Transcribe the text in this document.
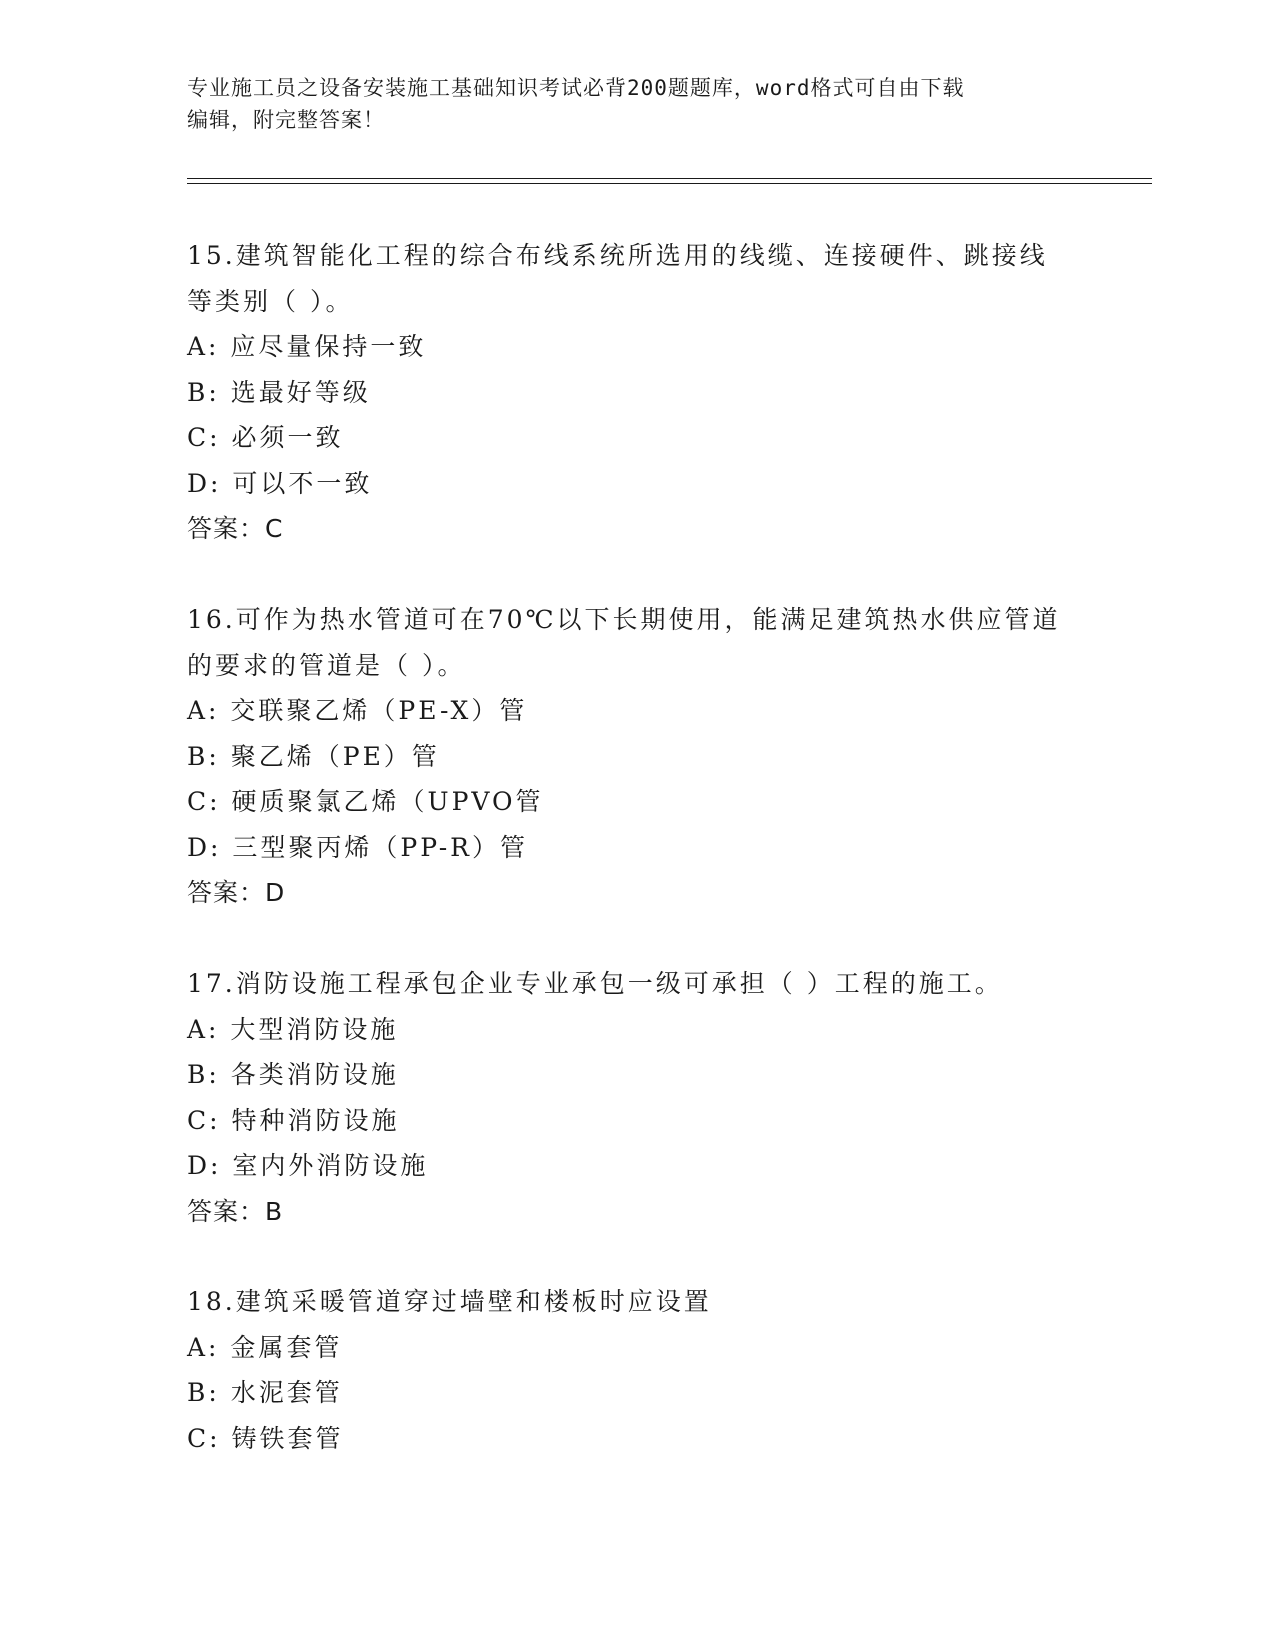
专业施工员之设备安装施工基础知识考试必背200题题库，word格式可自由下载
编辑，附完整答案！
15.建筑智能化工程的综合布线系统所选用的线缆、连接硬件、跳接线
等类别（ ）。
A: 应尽量保持一致
B: 选最好等级
C: 必须一致
D: 可以不一致
答案：C
16.可作为热水管道可在70℃以下长期使用，能满足建筑热水供应管道
的要求的管道是（ ）。
A: 交联聚乙烯（PE-X）管
B: 聚乙烯（PE）管
C: 硬质聚氯乙烯（UPVO管
D: 三型聚丙烯（PP-R）管
答案：D
17.消防设施工程承包企业专业承包一级可承担（ ）工程的施工。
A: 大型消防设施
B: 各类消防设施
C: 特种消防设施
D: 室内外消防设施
答案：B
18.建筑采暖管道穿过墙壁和楼板时应设置
A: 金属套管
B: 水泥套管
C: 铸铁套管
